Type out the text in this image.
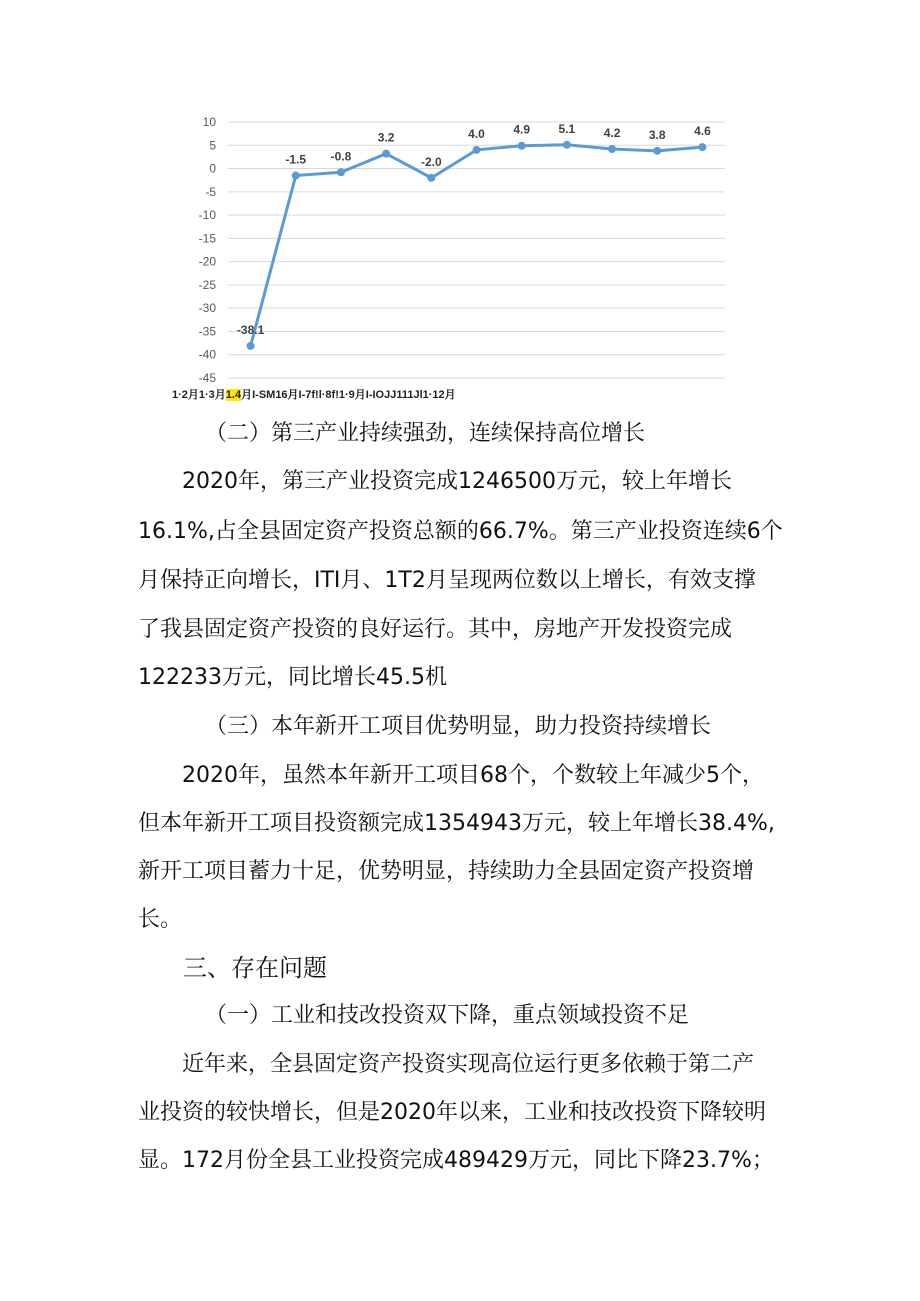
10
5
0
-5
-10
-15
-20
-25
-30
-35
-40
-45
-38.1
-1.5 -0.8
3.2
-2.0
4.0 4.9 5.1 4.2 3.8 4.6
1·2月1·3月1.4月I-SM16月I-7f!l·8f!1·9月I-IOJJ111Jl1·12月
（二）第三产业持续强劲，连续保持高位增长
2020年，第三产业投资完成1246500万元，较上年增长
16.1%,占全县固定资产投资总额的66.7%。第三产业投资连续6个
月保持正向增长，ITI月、1T2月呈现两位数以上增长，有效支撑
了我县固定资产投资的良好运行。其中，房地产开发投资完成
122233万元，同比增长45.5机
（三）本年新开工项目优势明显，助力投资持续增长
2020年，虽然本年新开工项目68个，个数较上年减少5个，
但本年新开工项目投资额完成1354943万元，较上年增长38.4%,
新开工项目蓄力十足，优势明显，持续助力全县固定资产投资增
长。
三、存在问题
（一）工业和技改投资双下降，重点领域投资不足
近年来，全县固定资产投资实现高位运行更多依赖于第二产
业投资的较快增长，但是2020年以来，工业和技改投资下降较明
显。172月份全县工业投资完成489429万元，同比下降23.7%；
